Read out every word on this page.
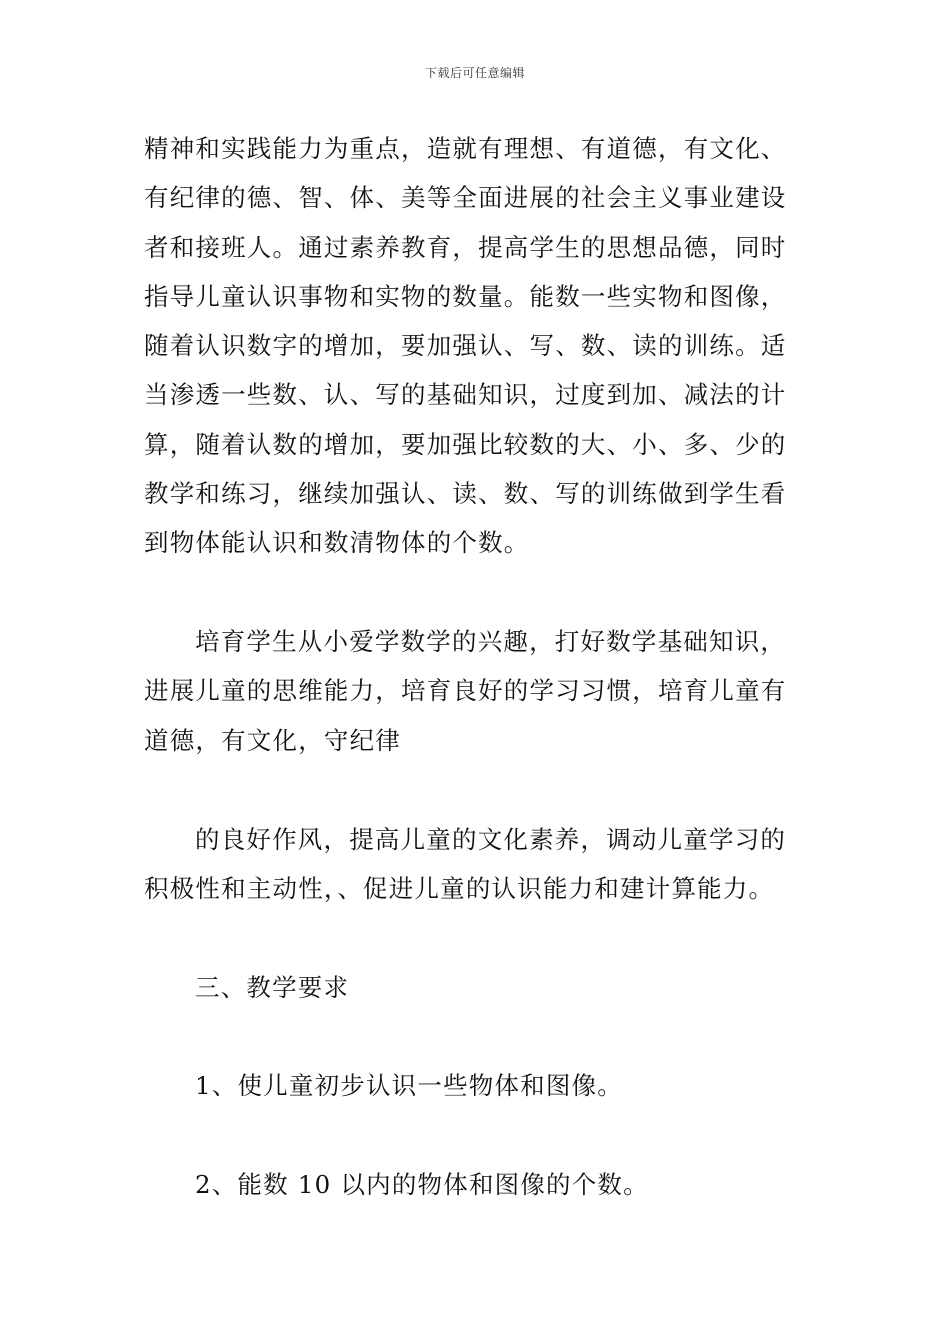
下载后可任意编辑
精神和实践能力为重点，造就有理想、有道德，有文化、
有纪律的德、智、体、美等全面进展的社会主义事业建设
者和接班人。通过素养教育，提高学生的思想品德，同时
指导儿童认识事物和实物的数量。能数一些实物和图像，
随着认识数字的增加，要加强认、写、数、读的训练。适
当渗透一些数、认、写的基础知识，过度到加、减法的计
算，随着认数的增加，要加强比较数的大、小、多、少的
教学和练习，继续加强认、读、数、写的训练做到学生看
到物体能认识和数清物体的个数。
培育学生从小爱学数学的兴趣，打好数学基础知识，
进展儿童的思维能力，培育良好的学习习惯，培育儿童有
道德，有文化，守纪律
的良好作风，提高儿童的文化素养，调动儿童学习的
积极性和主动性，、促进儿童的认识能力和建计算能力。
三、教学要求
1、使儿童初步认识一些物体和图像。
2、能数 10 以内的物体和图像的个数。
